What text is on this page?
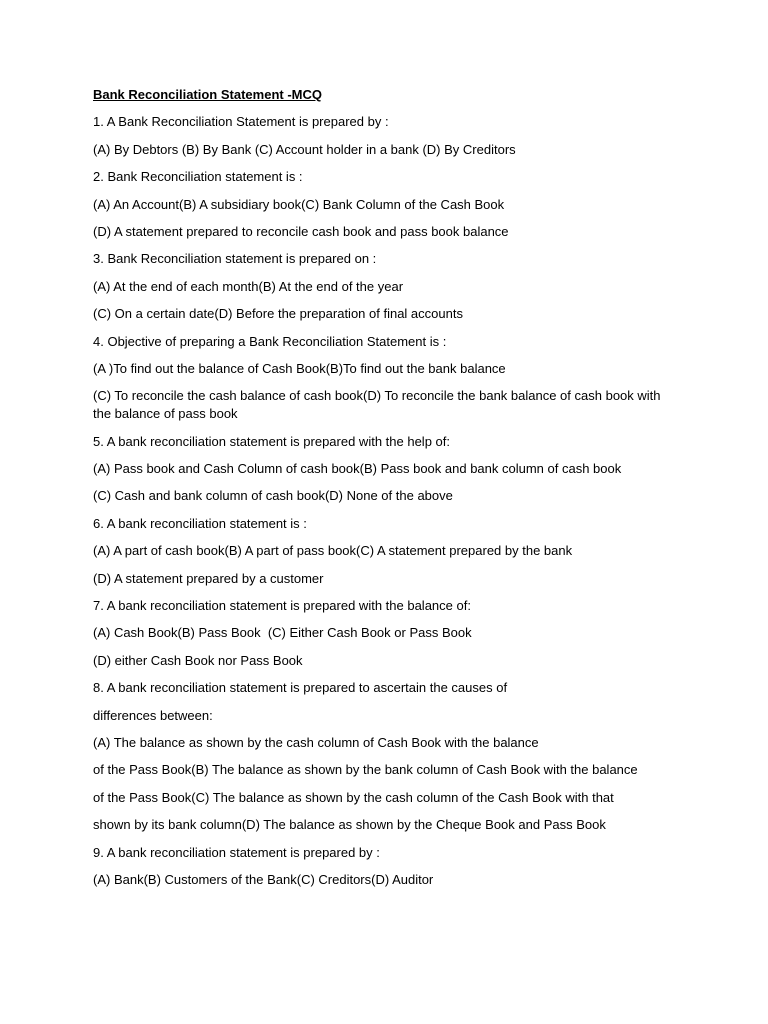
Bank Reconciliation Statement -MCQ
1. A Bank Reconciliation Statement is prepared by :
(A) By Debtors (B) By Bank (C) Account holder in a bank (D) By Creditors
2. Bank Reconciliation statement is :
(A) An Account(B) A subsidiary book(C) Bank Column of the Cash Book
(D) A statement prepared to reconcile cash book and pass book balance
3. Bank Reconciliation statement is prepared on :
(A) At the end of each month(B) At the end of the year
(C) On a certain date(D) Before the preparation of final accounts
4. Objective of preparing a Bank Reconciliation Statement is :
(A )To find out the balance of Cash Book(B)To find out the bank balance
(C) To reconcile the cash balance of cash book(D) To reconcile the bank balance of cash book with the balance of pass book
5. A bank reconciliation statement is prepared with the help of:
(A) Pass book and Cash Column of cash book(B) Pass book and bank column of cash book
(C) Cash and bank column of cash book(D) None of the above
6. A bank reconciliation statement is :
(A) A part of cash book(B) A part of pass book(C) A statement prepared by the bank
(D) A statement prepared by a customer
7. A bank reconciliation statement is prepared with the balance of:
(A) Cash Book(B) Pass Book  (C) Either Cash Book or Pass Book
(D) either Cash Book nor Pass Book
8. A bank reconciliation statement is prepared to ascertain the causes of
differences between:
(A) The balance as shown by the cash column of Cash Book with the balance
of the Pass Book(B) The balance as shown by the bank column of Cash Book with the balance
of the Pass Book(C) The balance as shown by the cash column of the Cash Book with that
shown by its bank column(D) The balance as shown by the Cheque Book and Pass Book
9. A bank reconciliation statement is prepared by :
(A) Bank(B) Customers of the Bank(C) Creditors(D) Auditor
